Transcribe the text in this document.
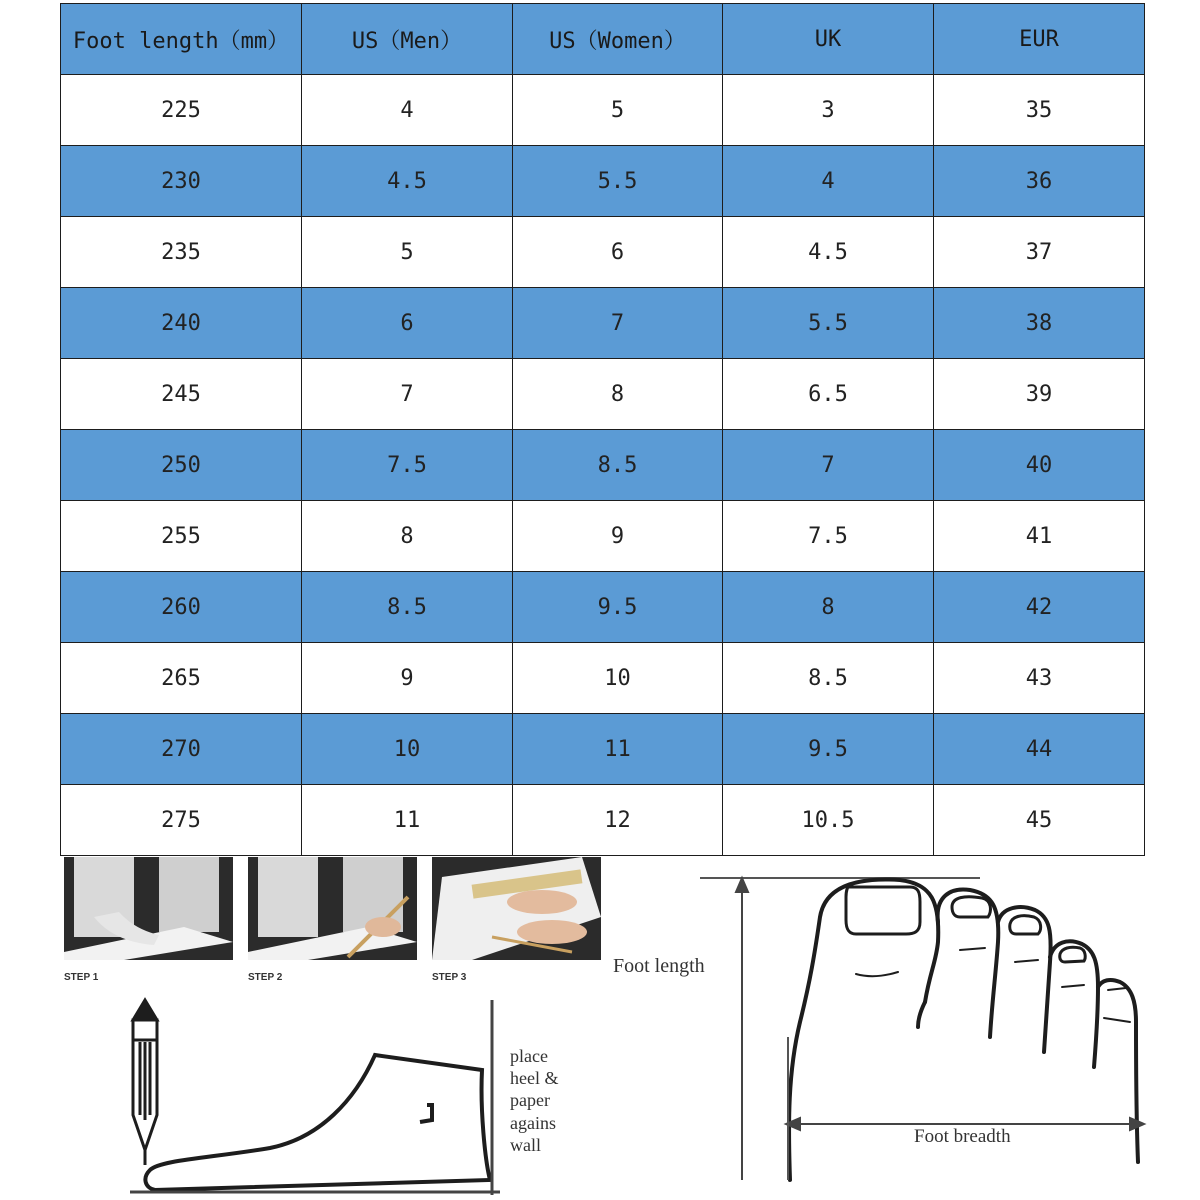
Foot length（mm）	US（Men）	US（Women）	UK	EUR
225	4	5	3	35
230	4.5	5.5	4	36
235	5	6	4.5	37
240	6	7	5.5	38
245	7	8	6.5	39
250	7.5	8.5	7	40
255	8	9	7.5	41
260	8.5	9.5	8	42
265	9	10	8.5	43
270	10	11	9.5	44
275	11	12	10.5	45
STEP 1	STEP 2	STEP 3
place
heel &
paper
agains
wall
Foot length
Foot breadth
